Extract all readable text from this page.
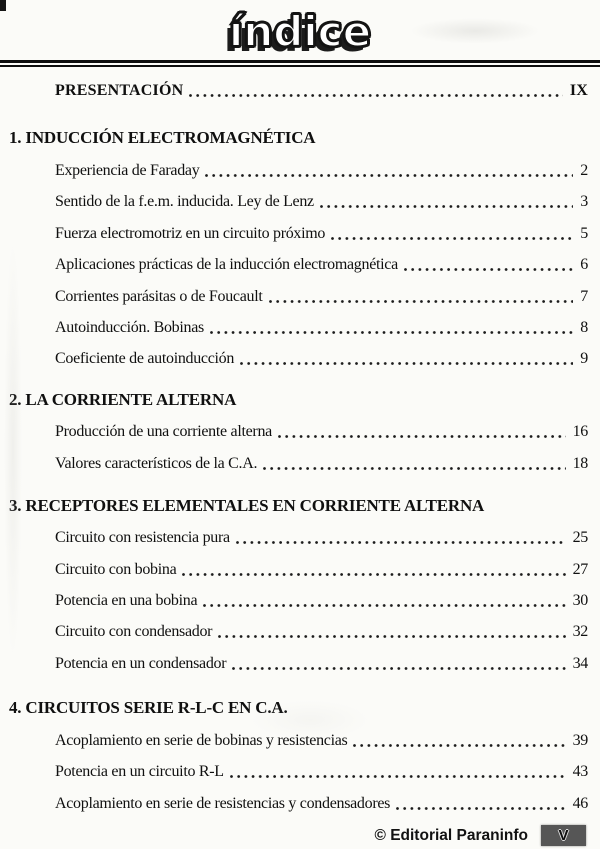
índice
PRESENTACIÓN	IX
1. INDUCCIÓN ELECTROMAGNÉTICA
Experiencia de Faraday	2
Sentido de la f.e.m. inducida. Ley de Lenz	3
Fuerza electromotriz en un circuito próximo	5
Aplicaciones prácticas de la inducción electromagnética	6
Corrientes parásitas o de Foucault	7
Autoinducción. Bobinas	8
Coeficiente de autoinducción	9
2. LA CORRIENTE ALTERNA
Producción de una corriente alterna	16
Valores característicos de la C.A.	18
3. RECEPTORES ELEMENTALES EN CORRIENTE ALTERNA
Circuito con resistencia pura	25
Circuito con bobina	27
Potencia en una bobina	30
Circuito con condensador	32
Potencia en un condensador	34
4. CIRCUITOS SERIE R-L-C EN C.A.
Acoplamiento en serie de bobinas y resistencias	39
Potencia en un circuito R-L	43
Acoplamiento en serie de resistencias y condensadores	46
© Editorial Paraninfo V
